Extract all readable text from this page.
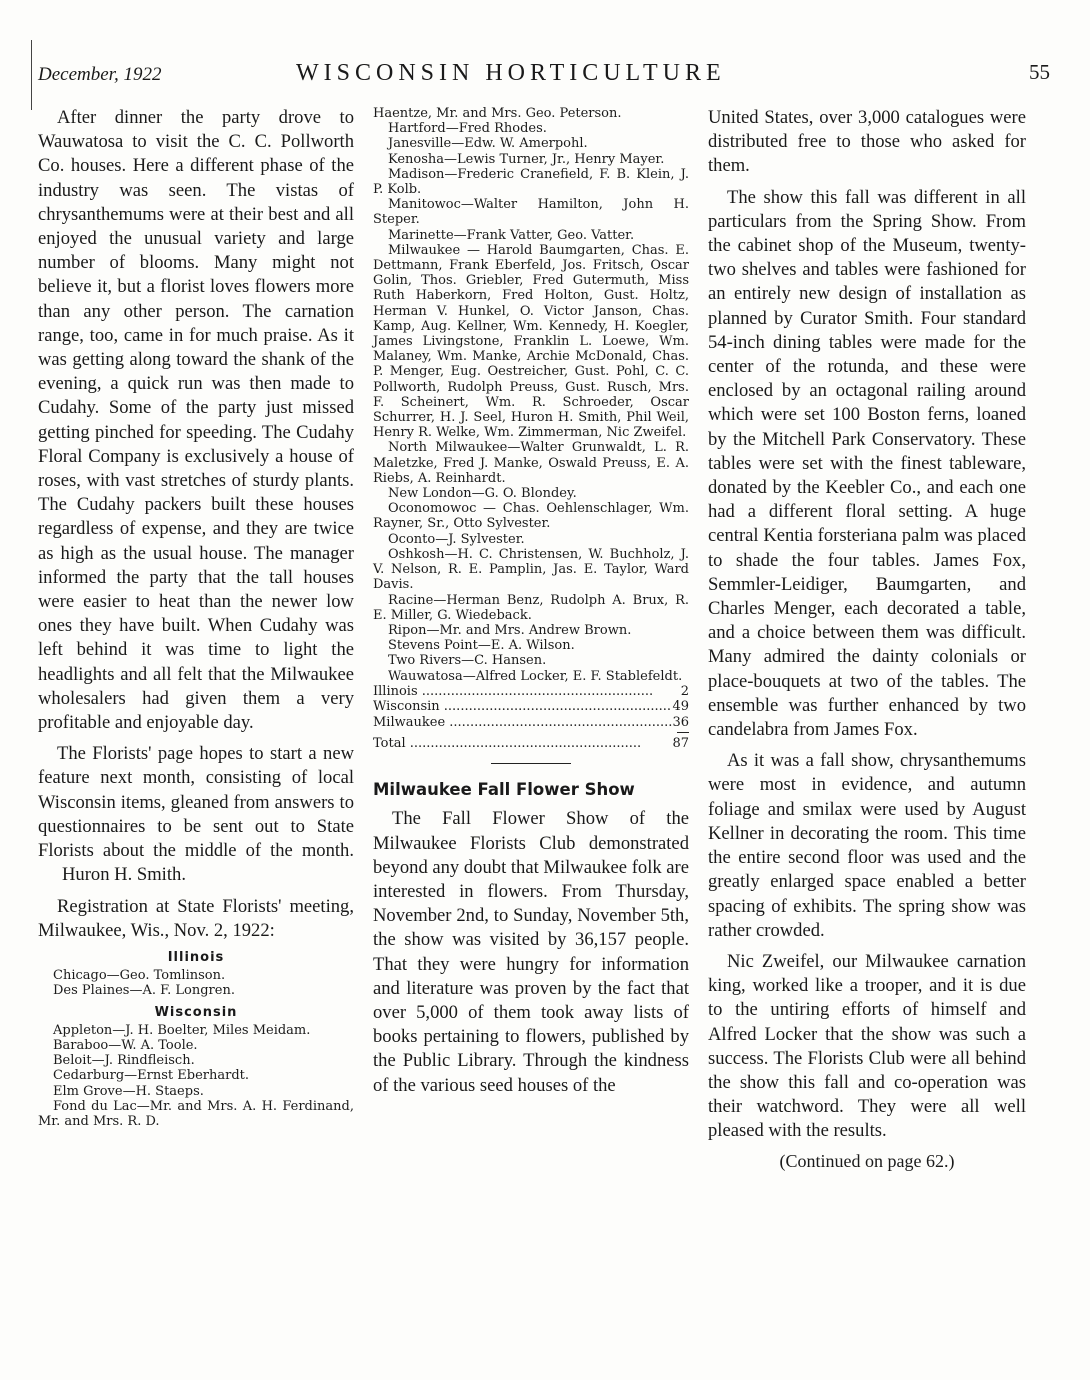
December, 1922	WISCONSIN HORTICULTURE	55

After dinner the party drove to Wauwatosa to visit the C. C. Pollworth Co. houses. Here a different phase of the industry was seen. The vistas of chrysanthemums were at their best and all enjoyed the unusual variety and large number of blooms. Many might not believe it, but a florist loves flowers more than any other person. The carnation range, too, came in for much praise. As it was getting along toward the shank of the evening, a quick run was then made to Cudahy. Some of the party just missed getting pinched for speeding. The Cudahy Floral Company is exclusively a house of roses, with vast stretches of sturdy plants. The Cudahy packers built these houses regardless of expense, and they are twice as high as the usual house. The manager informed the party that the tall houses were easier to heat than the newer low ones they have built. When Cudahy was left behind it was time to light the headlights and all felt that the Milwaukee wholesalers had given them a very profitable and enjoyable day.

The Florists' page hopes to start a new feature next month, consisting of local Wisconsin items, gleaned from answers to questionnaires to be sent out to State Florists about the middle of the month. Huron H. Smith.

Registration at State Florists' meeting, Milwaukee, Wis., Nov. 2, 1922:

Illinois

Chicago—Geo. Tomlinson.

Des Plaines—A. F. Longren.

Wisconsin

Appleton—J. H. Boelter, Miles Meidam.

Baraboo—W. A. Toole.

Beloit—J. Rindfleisch.

Cedarburg—Ernst Eberhardt.

Elm Grove—H. Staeps.

Fond du Lac—Mr. and Mrs. A. H. Ferdinand, Mr. and Mrs. R. D.

Haentze, Mr. and Mrs. Geo. Peterson.

Hartford—Fred Rhodes.

Janesville—Edw. W. Amerpohl.

Kenosha—Lewis Turner, Jr., Henry Mayer.

Madison—Frederic Cranefield, F. B. Klein, J. P. Kolb.

Manitowoc—Walter Hamilton, John H. Steper.

Marinette—Frank Vatter, Geo. Vatter.

Milwaukee — Harold Baumgarten, Chas. E. Dettmann, Frank Eberfeld, Jos. Fritsch, Oscar Golin, Thos. Griebler, Fred Gutermuth, Miss Ruth Haberkorn, Fred Holton, Gust. Holtz, Herman V. Hunkel, O. Victor Janson, Chas. Kamp, Aug. Kellner, Wm. Kennedy, H. Koegler, James Livingstone, Franklin L. Loewe, Wm. Malaney, Wm. Manke, Archie McDonald, Chas. P. Menger, Eug. Oestreicher, Gust. Pohl, C. C. Pollworth, Rudolph Preuss, Gust. Rusch, Mrs. F. Scheinert, Wm. R. Schroeder, Oscar Schurrer, H. J. Seel, Huron H. Smith, Phil Weil, Henry R. Welke, Wm. Zimmerman, Nic Zweifel.

North Milwaukee—Walter Grunwaldt, L. R. Maletzke, Fred J. Manke, Oswald Preuss, E. A. Riebs, A. Reinhardt.

New London—G. O. Blondey.

Oconomowoc — Chas. Oehlenschlager, Wm. Rayner, Sr., Otto Sylvester.

Oconto—J. Sylvester.

Oshkosh—H. C. Christensen, W. Buchholz, J. V. Nelson, R. E. Pamplin, Jas. E. Taylor, Ward Davis.

Racine—Herman Benz, Rudolph A. Brux, R. E. Miller, G. Wiedeback.

Ripon—Mr. and Mrs. Andrew Brown.

Stevens Point—E. A. Wilson.

Two Rivers—C. Hansen.

Wauwatosa—Alfred Locker, E. F. Stablefeldt.

Illinois .....	2
Wisconsin .....	49
Milwaukee .....	36
Total .....	87
Milwaukee Fall Flower Show

The Fall Flower Show of the Milwaukee Florists Club demonstrated beyond any doubt that Milwaukee folk are interested in flowers. From Thursday, November 2nd, to Sunday, November 5th, the show was visited by 36,157 people. That they were hungry for information and literature was proven by the fact that over 5,000 of them took away lists of books pertaining to flowers, published by the Public Library. Through the kindness of the various seed houses of the

United States, over 3,000 catalogues were distributed free to those who asked for them.

The show this fall was different in all particulars from the Spring Show. From the cabinet shop of the Museum, twenty-two shelves and tables were fashioned for an entirely new design of installation as planned by Curator Smith. Four standard 54-inch dining tables were made for the center of the rotunda, and these were enclosed by an octagonal railing around which were set 100 Boston ferns, loaned by the Mitchell Park Conservatory. These tables were set with the finest tableware, donated by the Keebler Co., and each one had a different floral setting. A huge central Kentia forsteriana palm was placed to shade the four tables. James Fox, Semmler-Leidiger, Baumgarten, and Charles Menger, each decorated a table, and a choice between them was difficult. Many admired the dainty colonials or place-bouquets at two of the tables. The ensemble was further enhanced by two candelabra from James Fox.

As it was a fall show, chrysanthemums were most in evidence, and autumn foliage and smilax were used by August Kellner in decorating the room. This time the entire second floor was used and the greatly enlarged space enabled a better spacing of exhibits. The spring show was rather crowded.

Nic Zweifel, our Milwaukee carnation king, worked like a trooper, and it is due to the untiring efforts of himself and Alfred Locker that the show was such a success. The Florists Club were all behind the show this fall and co-operation was their watchword. They were all well pleased with the results.

(Continued on page 62.)
